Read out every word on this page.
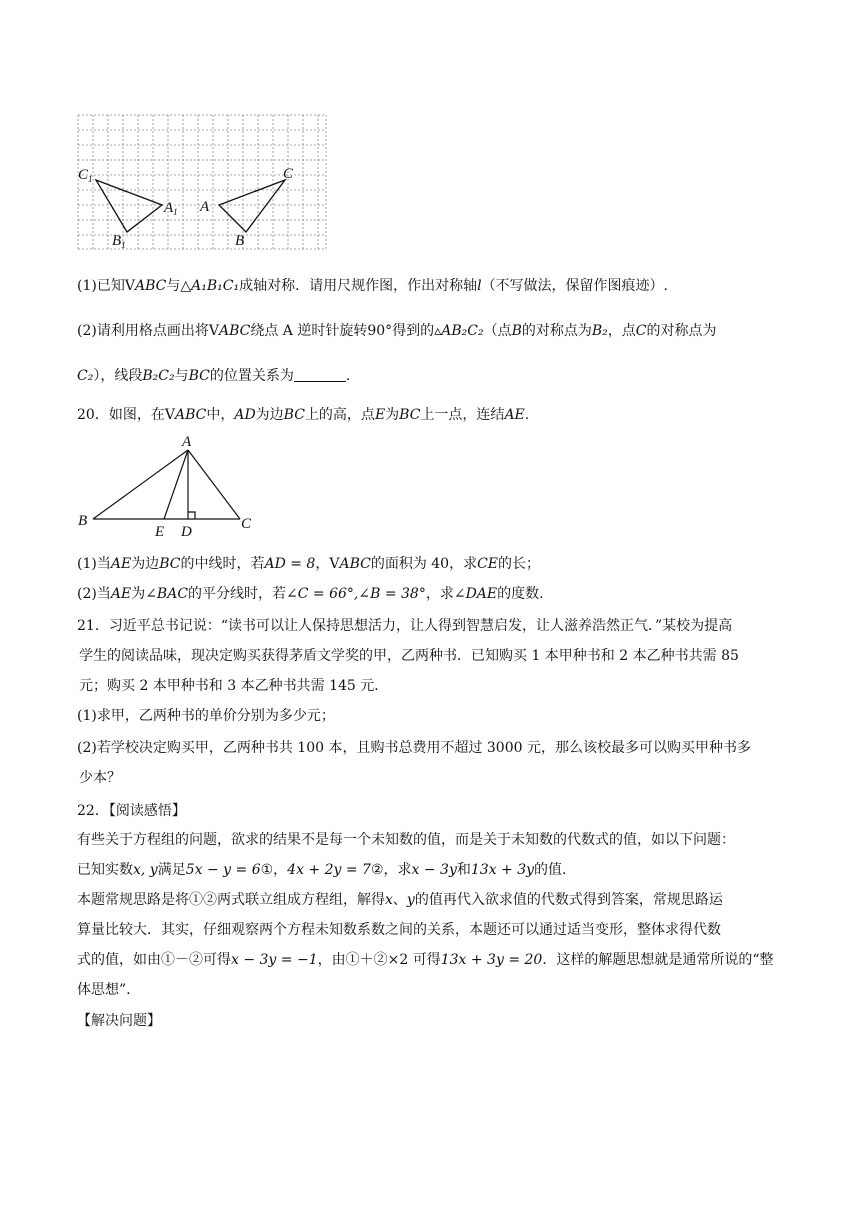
$C_1$
$A_1$
$B_1$
C
A
B
(1)已知VABC与△A₁B₁C₁成轴对称．请用尺规作图，作出对称轴l（不写做法，保留作图痕迹）.
(2)请利用格点画出将VABC绕点 A 逆时针旋转90°得到的▵AB₂C₂（点B的对称点为B₂，点C的对称点为
C₂），线段B₂C₂与BC的位置关系为	.
20．如图，在VABC中，AD为边BC上的高，点E为BC上一点，连结AE.
A
B	C
E D
(1)当AE为边BC的中线时，若AD = 8，VABC的面积为 40，求CE的长；
(2)当AE为∠BAC的平分线时，若∠C = 66°,∠B = 38°，求∠DAE的度数.
21．习近平总书记说：“读书可以让人保持思想活力，让人得到智慧启发，让人滋养浩然正气．”某校为提高
学生的阅读品味，现决定购买获得茅盾文学奖的甲，乙两种书．已知购买 1 本甲种书和 2 本乙种书共需 85
元；购买 2 本甲种书和 3 本乙种书共需 145 元．
(1)求甲，乙两种书的单价分别为多少元；
(2)若学校决定购买甲，乙两种书共 100 本，且购书总费用不超过 3000 元，那么该校最多可以购买甲种书多
少本？
22．【阅读感悟】
有些关于方程组的问题，欲求的结果不是每一个未知数的值，而是关于未知数的代数式的值，如以下问题：
已知实数x, y满足5x − y = 6①，4x + 2y = 7②，求x − 3y和13x + 3y的值.
本题常规思路是将①②两式联立组成方程组，解得x、y的值再代入欲求值的代数式得到答案，常规思路运
算量比较大．其实，仔细观察两个方程未知数系数之间的关系，本题还可以通过适当变形，整体求得代数
式的值，如由①－②可得x − 3y = −1，由①＋②×2 可得13x + 3y = 20．这样的解题思想就是通常所说的“整
体思想”.
【解决问题】
